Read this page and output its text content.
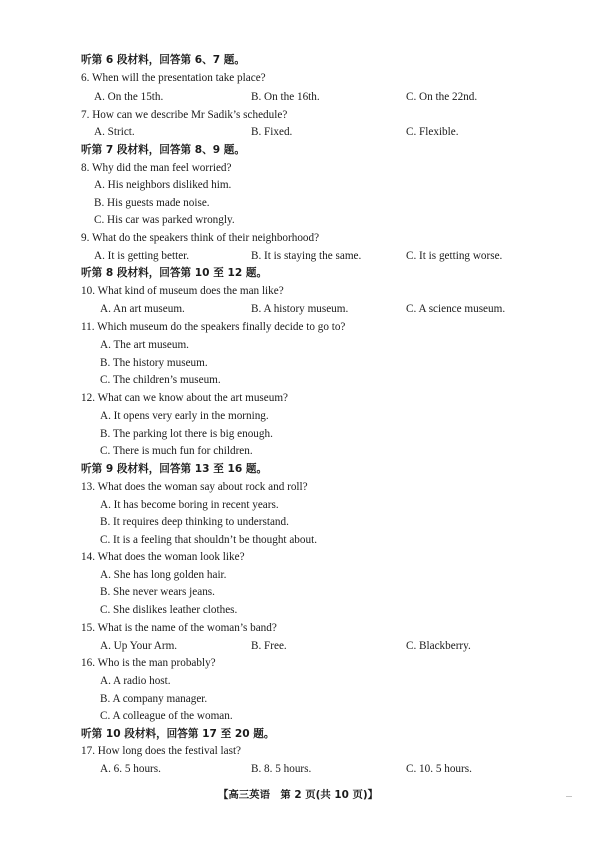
听第 6 段材料，回答第 6、7 题。
6. When will the presentation take place?
A. On the 15th.	B. On the 16th.	C. On the 22nd.
7. How can we describe Mr Sadik’s schedule?
A. Strict.	B. Fixed.	C. Flexible.
听第 7 段材料，回答第 8、9 题。
8. Why did the man feel worried?
A. His neighbors disliked him.
B. His guests made noise.
C. His car was parked wrongly.
9. What do the speakers think of their neighborhood?
A. It is getting better.	B. It is staying the same.	C. It is getting worse.
听第 8 段材料，回答第 10 至 12 题。
10. What kind of museum does the man like?
A. An art museum.	B. A history museum.	C. A science museum.
11. Which museum do the speakers finally decide to go to?
A. The art museum.
B. The history museum.
C. The children’s museum.
12. What can we know about the art museum?
A. It opens very early in the morning.
B. The parking lot there is big enough.
C. There is much fun for children.
听第 9 段材料，回答第 13 至 16 题。
13. What does the woman say about rock and roll?
A. It has become boring in recent years.
B. It requires deep thinking to understand.
C. It is a feeling that shouldn’t be thought about.
14. What does the woman look like?
A. She has long golden hair.
B. She never wears jeans.
C. She dislikes leather clothes.
15. What is the name of the woman’s band?
A. Up Your Arm.	B. Free.	C. Blackberry.
16. Who is the man probably?
A. A radio host.
B. A company manager.
C. A colleague of the woman.
听第 10 段材料，回答第 17 至 20 题。
17. How long does the festival last?
A. 6. 5 hours.	B. 8. 5 hours.	C. 10. 5 hours.
【高三英语　第 2 页(共 10 页)】	...
